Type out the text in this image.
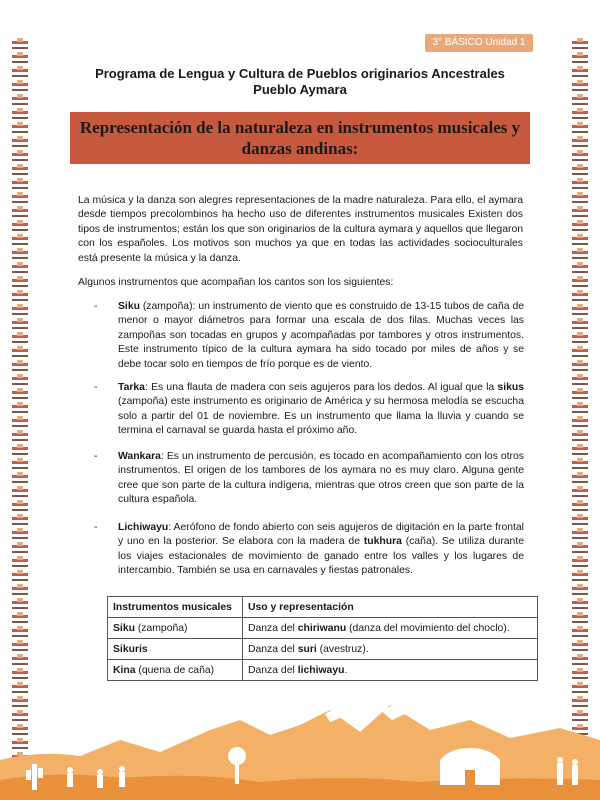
3° BÁSICO Unidad 1
Programa de Lengua y Cultura de Pueblos originarios Ancestrales
Pueblo Aymara
Representación de la naturaleza en instrumentos musicales y danzas andinas:
La música y la danza son alegres representaciones de la madre naturaleza. Para ello, el aymara desde tiempos precolombinos ha hecho uso de diferentes instrumentos musicales Existen dos tipos de instrumentos; están los que son originarios de la cultura aymara y aquellos que llegaron con los españoles. Los motivos son muchos ya que en todas las actividades socioculturales está presente la música y la danza.
Algunos instrumentos que acompañan los cantos son los siguientes:
- Siku (zampoña): un instrumento de viento que es construido de 13-15 tubos de caña de menor o mayor diámetros para formar una escala de dos filas. Muchas veces las zampoñas son tocadas en grupos y acompañadas por tambores y otros instrumentos. Este instrumento típico de la cultura aymara ha sido tocado por miles de años y se debe tocar solo en tiempos de frío porque es de viento.
- Tarka: Es una flauta de madera con seis agujeros para los dedos. Al igual que la sikus (zampoña) este instrumento es originario de América y su hermosa melodía se escucha solo a partir del 01 de noviembre. Es un instrumento que llama la lluvia y cuando se termina el carnaval se guarda hasta el próximo año.
- Wankara: Es un instrumento de percusión, es tocado en acompañamiento con los otros instrumentos. El origen de los tambores de los aymara no es muy claro. Alguna gente cree que son parte de la cultura indígena, mientras que otros creen que son parte de la cultura española.
- Lichiwayu: Aerófono de fondo abierto con seis agujeros de digitación en la parte frontal y uno en la posterior. Se elabora con la madera de tukhura (caña). Se utiliza durante los viajes estacionales de movimiento de ganado entre los valles y los lugares de intercambio. También se usa en carnavales y fiestas patronales.
Instrumentos musicales	Uso y representación
Siku (zampoña)	Danza del chiriwanu (danza del movimiento del choclo).
Sikuris	Danza del suri (avestruz).
Kina (quena de caña)	Danza del lichiwayu.
